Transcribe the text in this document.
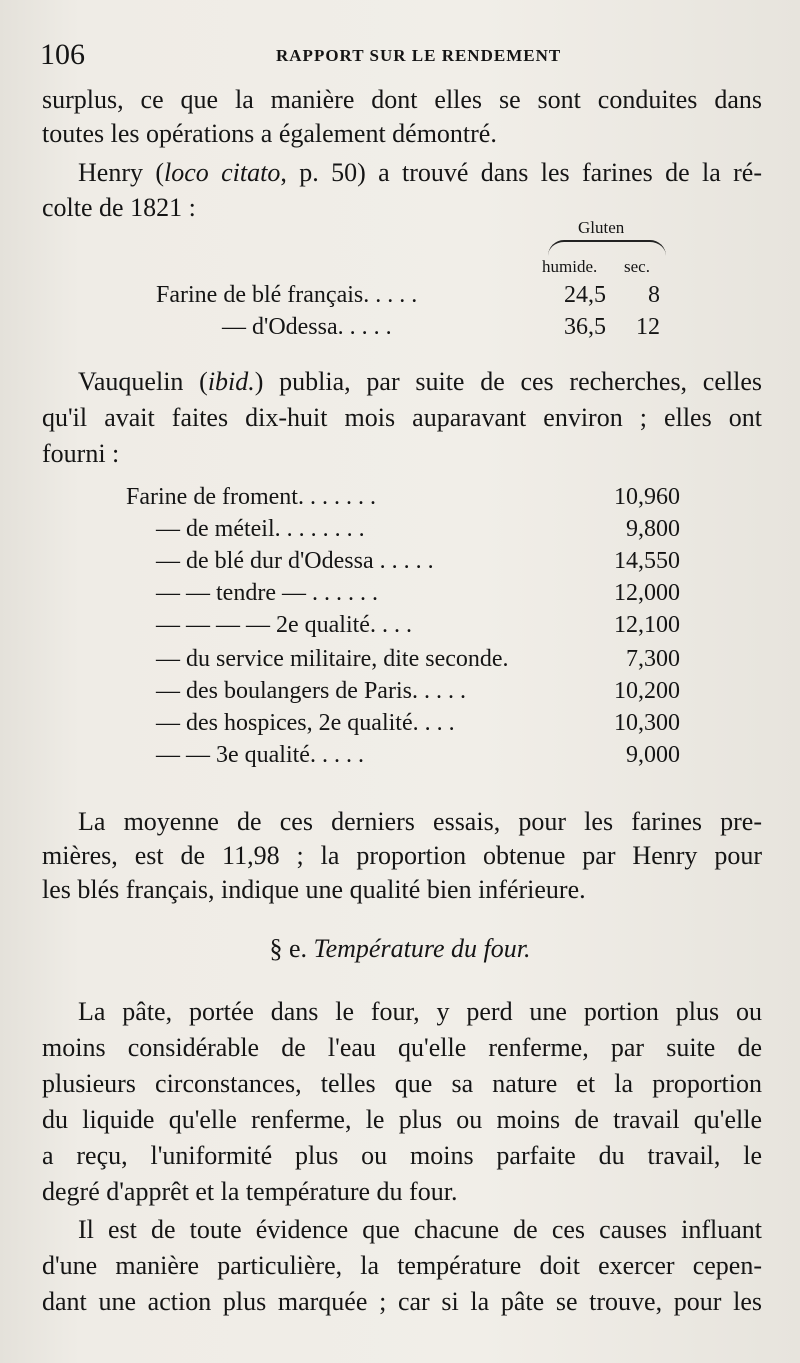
106	RAPPORT SUR LE RENDEMENT
surplus, ce que la manière dont elles se sont conduites dans
toutes les opérations a également démontré.
Henry (loco citato, p. 50) a trouvé dans les farines de la ré-
colte de 1821 :
Gluten
humide. sec.
Farine de blé français. . . . .	24,5	8
— d'Odessa. . . . .	36,5	12
Vauquelin (ibid.) publia, par suite de ces recherches, celles
qu'il avait faites dix-huit mois auparavant environ ; elles ont
fourni :
Farine de froment. . . . . . .	10,960
— de méteil. . . . . . . .	9,800
— de blé dur d'Odessa . . . . .	14,550
— — tendre — . . . . . .	12,000
— — — — 2e qualité. . . .	12,100
— du service militaire, dite seconde.	7,300
— des boulangers de Paris. . . . .	10,200
— des hospices, 2e qualité. . . .	10,300
— — 3e qualité. . . . .	9,000
La moyenne de ces derniers essais, pour les farines pre-
mières, est de 11,98 ; la proportion obtenue par Henry pour
les blés français, indique une qualité bien inférieure.
§ e. Température du four.
La pâte, portée dans le four, y perd une portion plus ou
moins considérable de l'eau qu'elle renferme, par suite de
plusieurs circonstances, telles que sa nature et la proportion
du liquide qu'elle renferme, le plus ou moins de travail qu'elle
a reçu, l'uniformité plus ou moins parfaite du travail, le
degré d'apprêt et la température du four.
Il est de toute évidence que chacune de ces causes influant
d'une manière particulière, la température doit exercer cepen-
dant une action plus marquée ; car si la pâte se trouve, pour les
